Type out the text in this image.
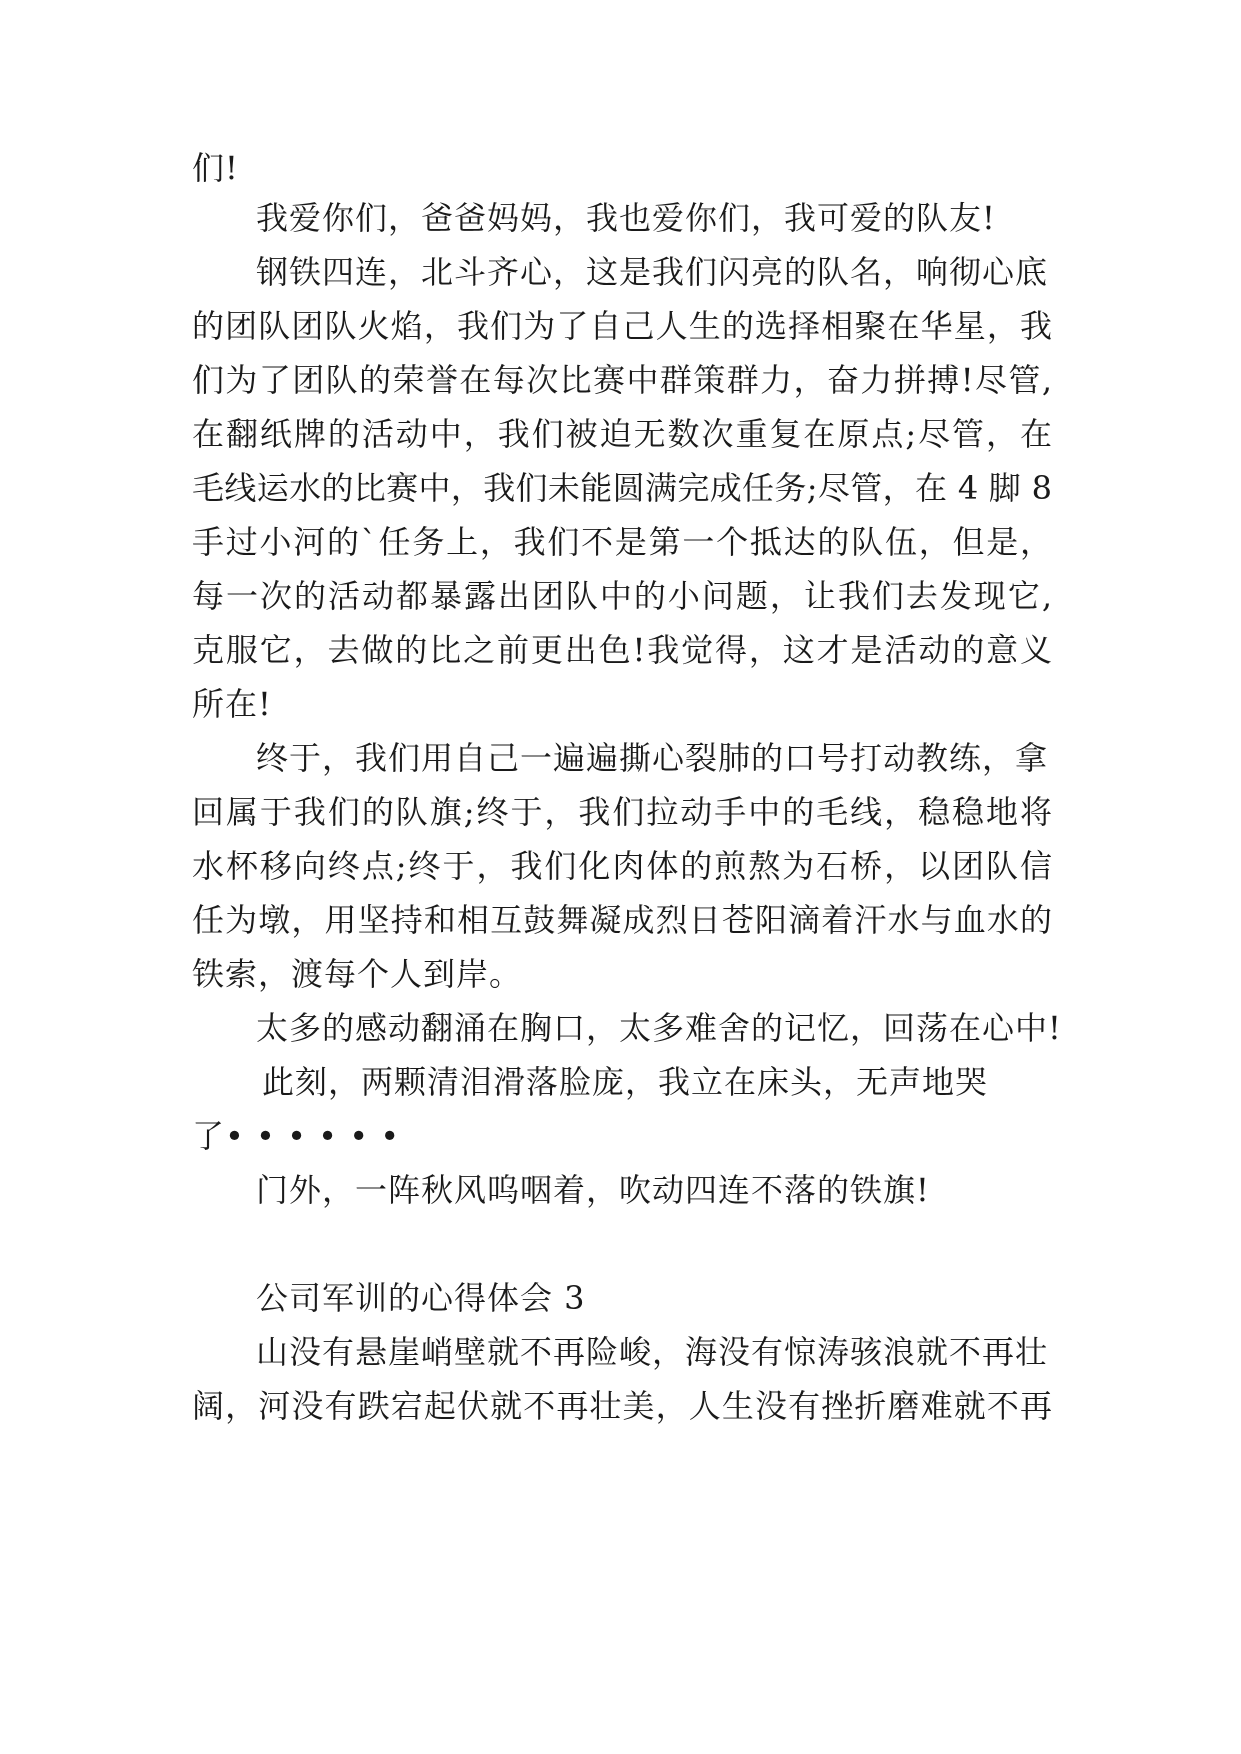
们!
我爱你们，爸爸妈妈，我也爱你们，我可爱的队友!
钢铁四连，北斗齐心，这是我们闪亮的队名，响彻心底
的团队团队火焰，我们为了自己人生的选择相聚在华星，我
们为了团队的荣誉在每次比赛中群策群力，奋力拼搏!尽管,
在翻纸牌的活动中，我们被迫无数次重复在原点;尽管，在
毛线运水的比赛中，我们未能圆满完成任务;尽管，在 4 脚 8
手过小河的`任务上，我们不是第一个抵达的队伍，但是，
每一次的活动都暴露出团队中的小问题，让我们去发现它,
克服它，去做的比之前更出色!我觉得，这才是活动的意义
所在!
终于，我们用自己一遍遍撕心裂肺的口号打动教练，拿
回属于我们的队旗;终于，我们拉动手中的毛线，稳稳地将
水杯移向终点;终于，我们化肉体的煎熬为石桥，以团队信
任为墩，用坚持和相互鼓舞凝成烈日苍阳滴着汗水与血水的
铁索，渡每个人到岸。
太多的感动翻涌在胸口，太多难舍的记忆，回荡在心中!
此刻，两颗清泪滑落脸庞，我立在床头，无声地哭
了• • • • • •
门外，一阵秋风呜咽着，吹动四连不落的铁旗!
公司军训的心得体会 3
山没有悬崖峭壁就不再险峻，海没有惊涛骇浪就不再壮
阔，河没有跌宕起伏就不再壮美，人生没有挫折磨难就不再
